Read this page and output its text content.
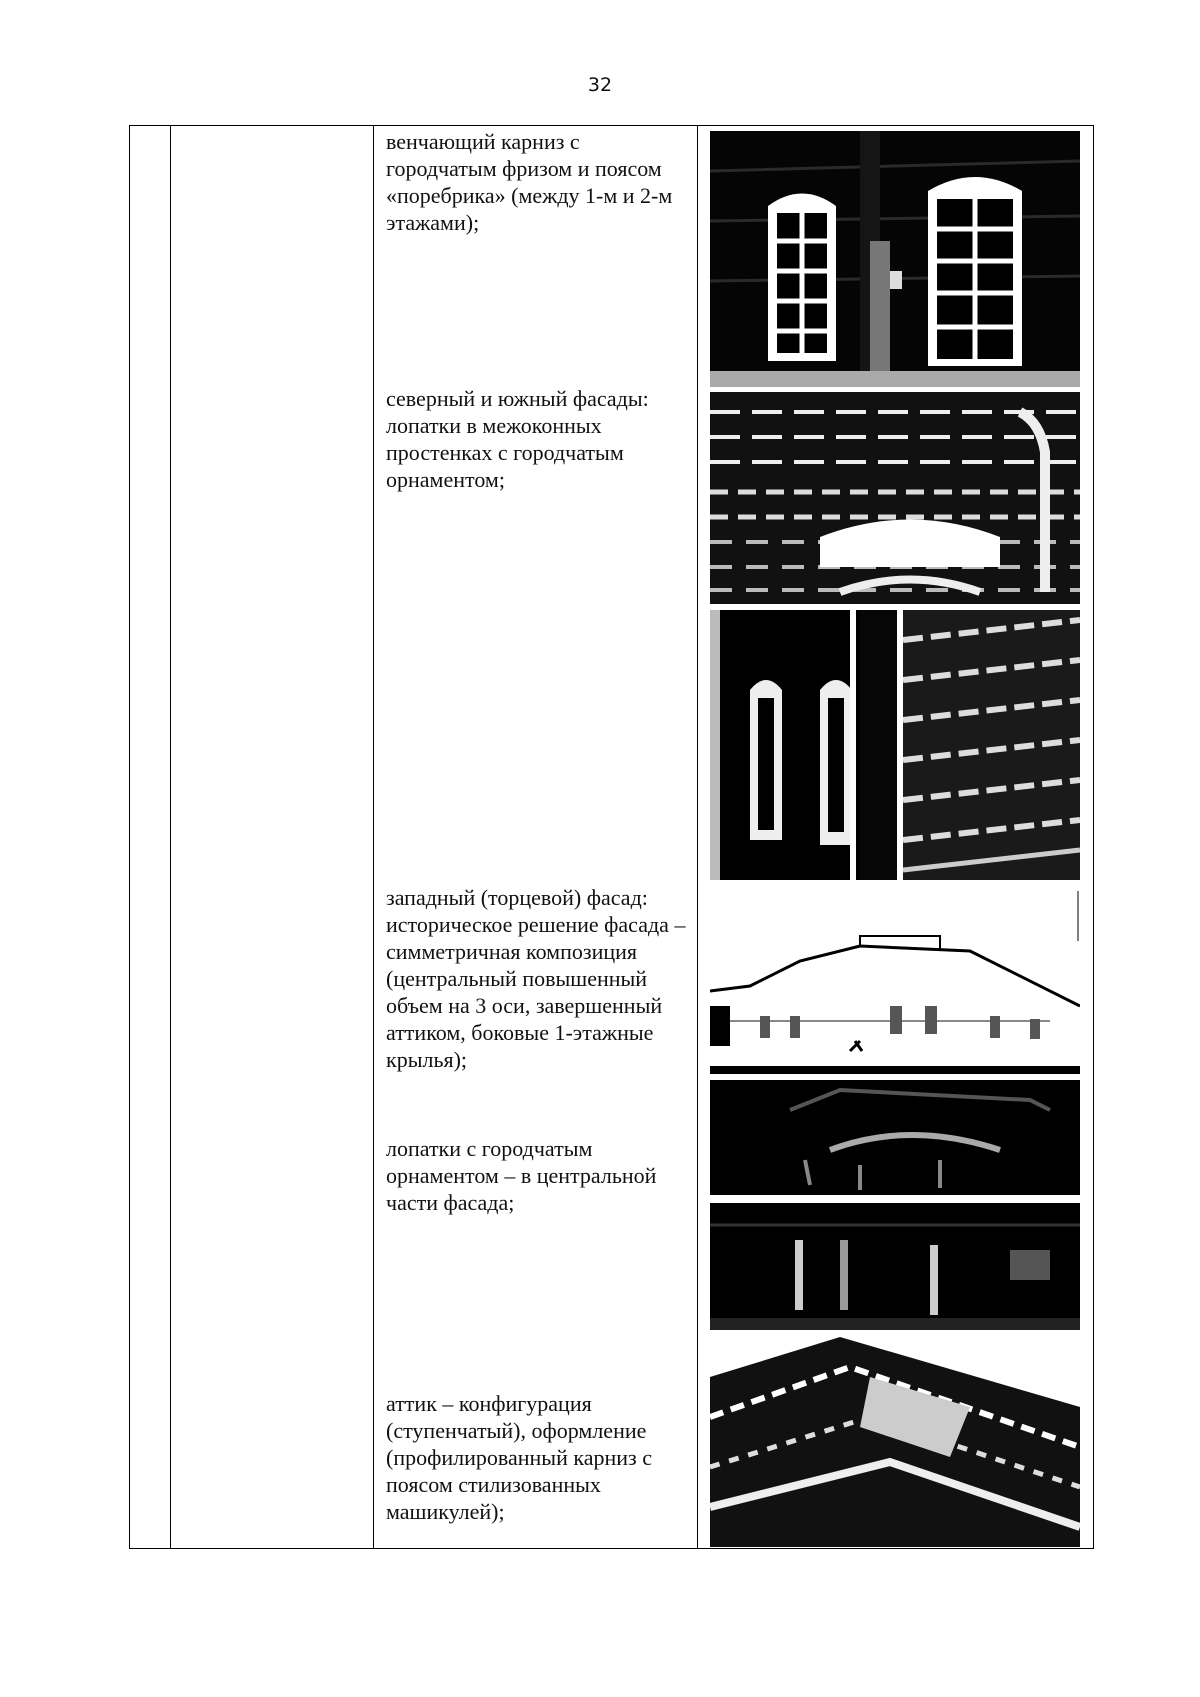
32

венчающий карниз с городчатым фризом и поясом «поребрика» (между 1-м и 2-м этажами);

северный и южный фасады: лопатки в межоконных простенках с городчатым орнаментом;

западный (торцевой) фасад: историческое решение фасада – симметричная композиция (центральный повышенный объем на 3 оси, завершенный аттиком, боковые 1-этажные крылья);

лопатки с городчатым орнаментом – в центральной части фасада;

аттик – конфигурация (ступенчатый), оформление (профилированный карниз с поясом стилизованных машикулей);
